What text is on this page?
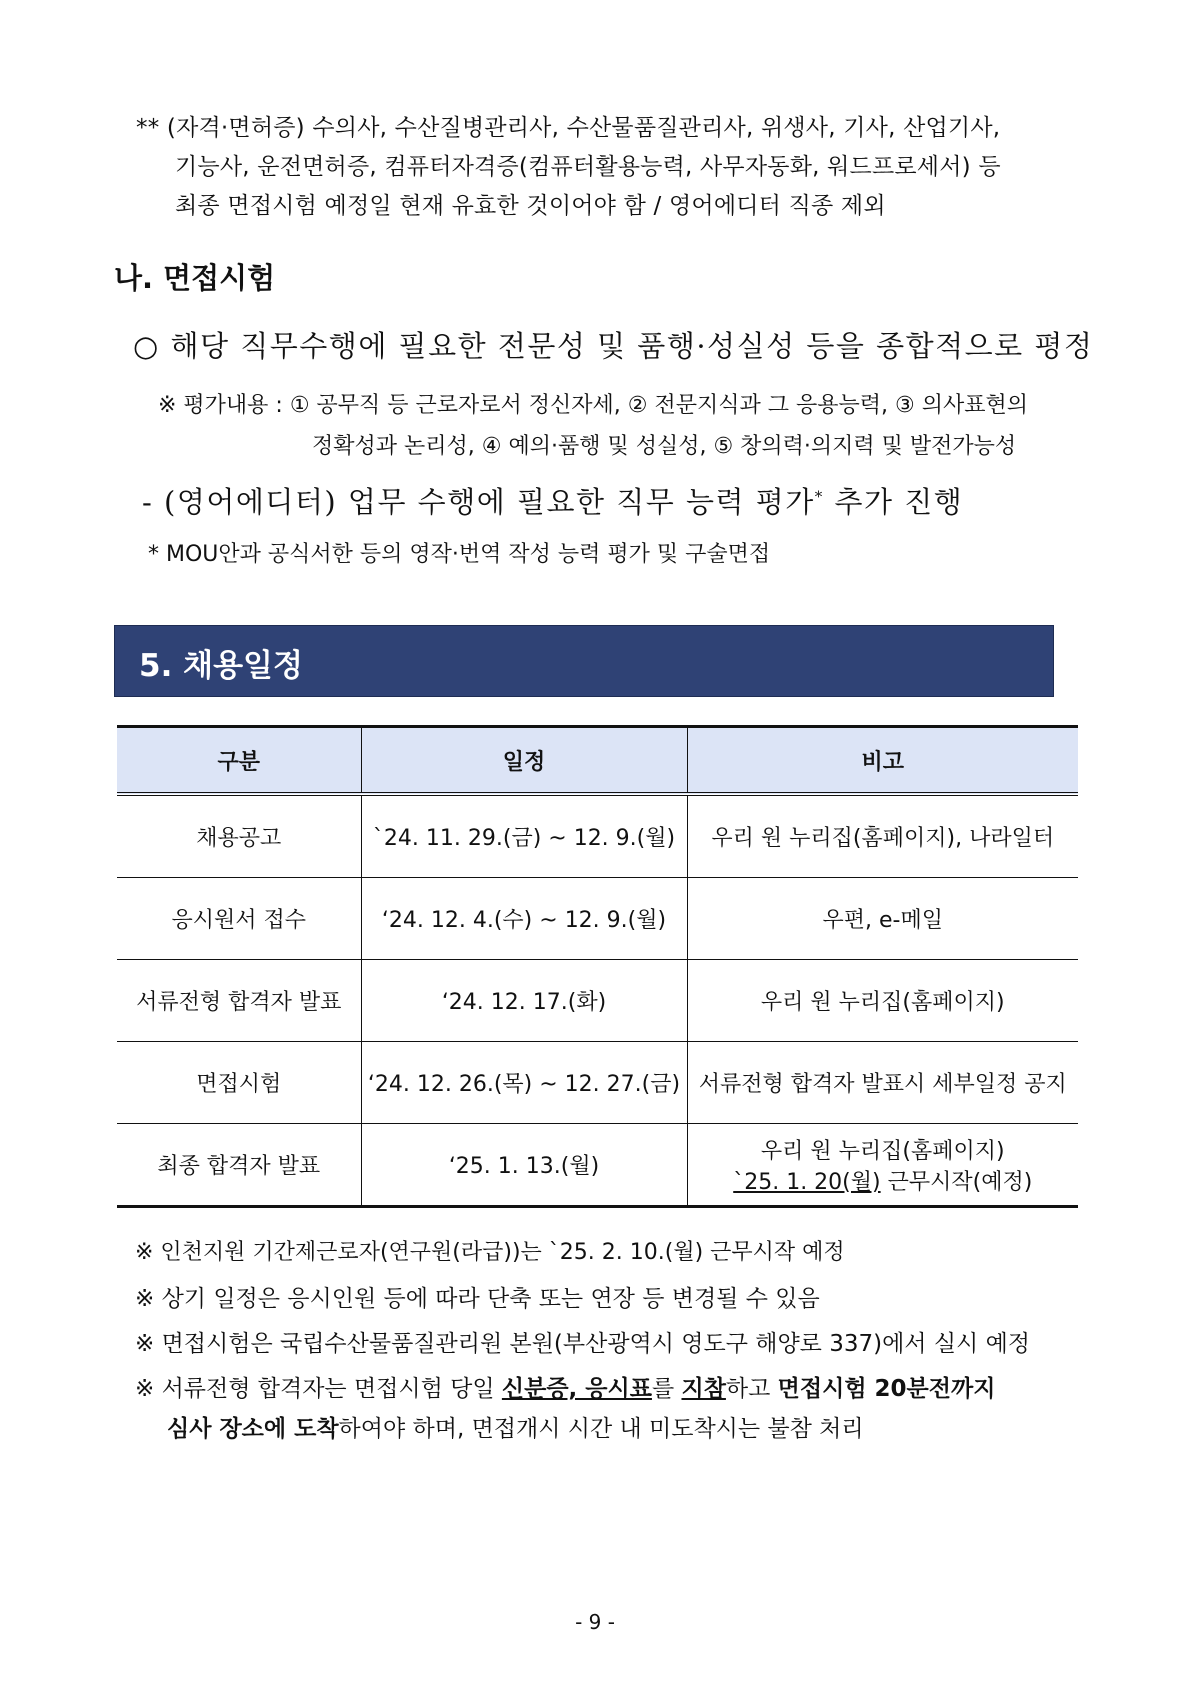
** (자격·면허증) 수의사, 수산질병관리사, 수산물품질관리사, 위생사, 기사, 산업기사,
기능사, 운전면허증, 컴퓨터자격증(컴퓨터활용능력, 사무자동화, 워드프로세서) 등
최종 면접시험 예정일 현재 유효한 것이어야 함 / 영어에디터 직종 제외
나. 면접시험
○ 해당 직무수행에 필요한 전문성 및 품행·성실성 등을 종합적으로 평정
※ 평가내용 : ① 공무직 등 근로자로서 정신자세, ② 전문지식과 그 응용능력, ③ 의사표현의
정확성과 논리성, ④ 예의·품행 및 성실성, ⑤ 창의력·의지력 및 발전가능성
- (영어에디터) 업무 수행에 필요한 직무 능력 평가* 추가 진행
* MOU안과 공식서한 등의 영작·번역 작성 능력 평가 및 구술면접
5. 채용일정
구분	일정	비고
채용공고	`24. 11. 29.(금) ~ 12. 9.(월)	우리 원 누리집(홈페이지), 나라일터
응시원서 접수	‘24. 12. 4.(수) ~ 12. 9.(월)	우편, e-메일
서류전형 합격자 발표	‘24. 12. 17.(화)	우리 원 누리집(홈페이지)
면접시험	‘24. 12. 26.(목) ~ 12. 27.(금)	서류전형 합격자 발표시 세부일정 공지
최종 합격자 발표	‘25. 1. 13.(월)	우리 원 누리집(홈페이지)
`25. 1. 20(월) 근무시작(예정)
※ 인천지원 기간제근로자(연구원(라급))는 `25. 2. 10.(월) 근무시작 예정
※ 상기 일정은 응시인원 등에 따라 단축 또는 연장 등 변경될 수 있음
※ 면접시험은 국립수산물품질관리원 본원(부산광역시 영도구 해양로 337)에서 실시 예정
※ 서류전형 합격자는 면접시험 당일 신분증, 응시표를 지참하고 면접시험 20분전까지
심사 장소에 도착하여야 하며, 면접개시 시간 내 미도착시는 불참 처리
- 9 -
